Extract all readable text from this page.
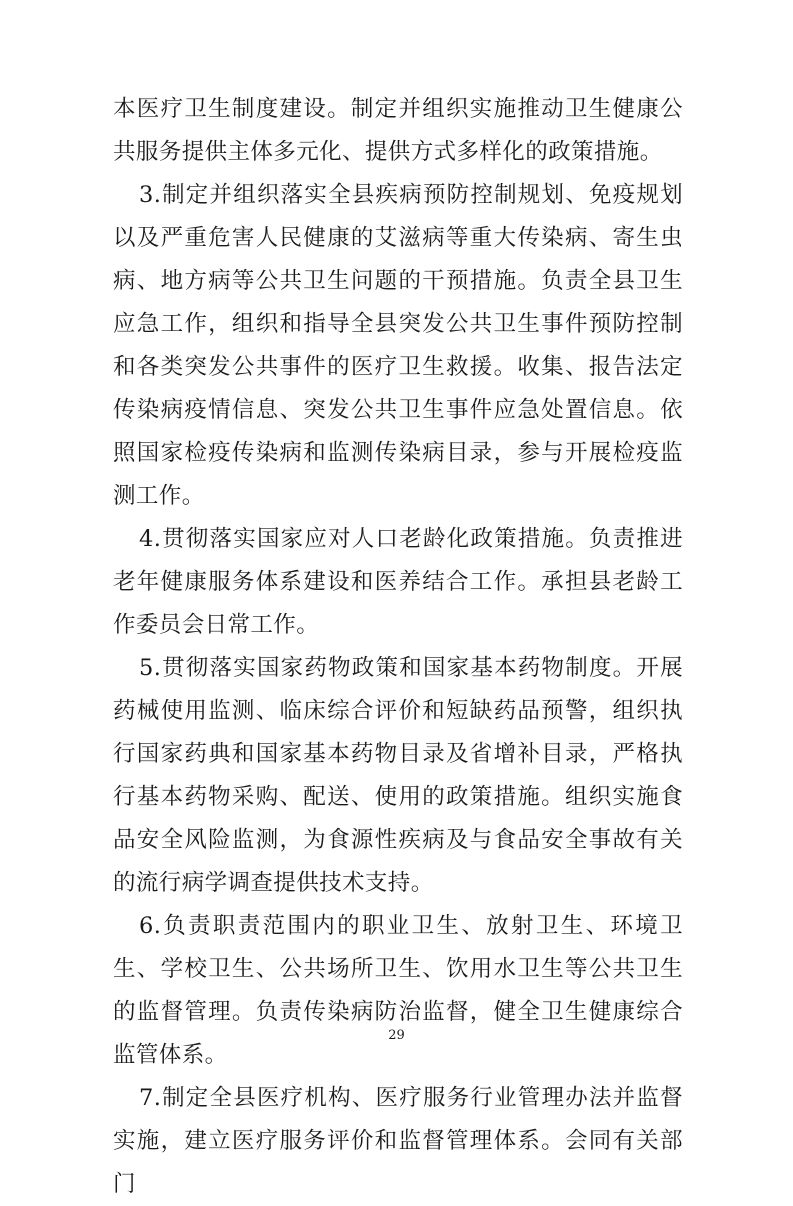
本医疗卫生制度建设。制定并组织实施推动卫生健康公共服务提供主体多元化、提供方式多样化的政策措施。

3.制定并组织落实全县疾病预防控制规划、免疫规划以及严重危害人民健康的艾滋病等重大传染病、寄生虫病、地方病等公共卫生问题的干预措施。负责全县卫生应急工作，组织和指导全县突发公共卫生事件预防控制和各类突发公共事件的医疗卫生救援。收集、报告法定传染病疫情信息、突发公共卫生事件应急处置信息。依照国家检疫传染病和监测传染病目录，参与开展检疫监测工作。

4.贯彻落实国家应对人口老龄化政策措施。负责推进老年健康服务体系建设和医养结合工作。承担县老龄工作委员会日常工作。

5.贯彻落实国家药物政策和国家基本药物制度。开展药械使用监测、临床综合评价和短缺药品预警，组织执行国家药典和国家基本药物目录及省增补目录，严格执行基本药物采购、配送、使用的政策措施。组织实施食品安全风险监测，为食源性疾病及与食品安全事故有关的流行病学调查提供技术支持。

6.负责职责范围内的职业卫生、放射卫生、环境卫生、学校卫生、公共场所卫生、饮用水卫生等公共卫生的监督管理。负责传染病防治监督，健全卫生健康综合监管体系。

7.制定全县医疗机构、医疗服务行业管理办法并监督实施，建立医疗服务评价和监督管理体系。会同有关部门

29
